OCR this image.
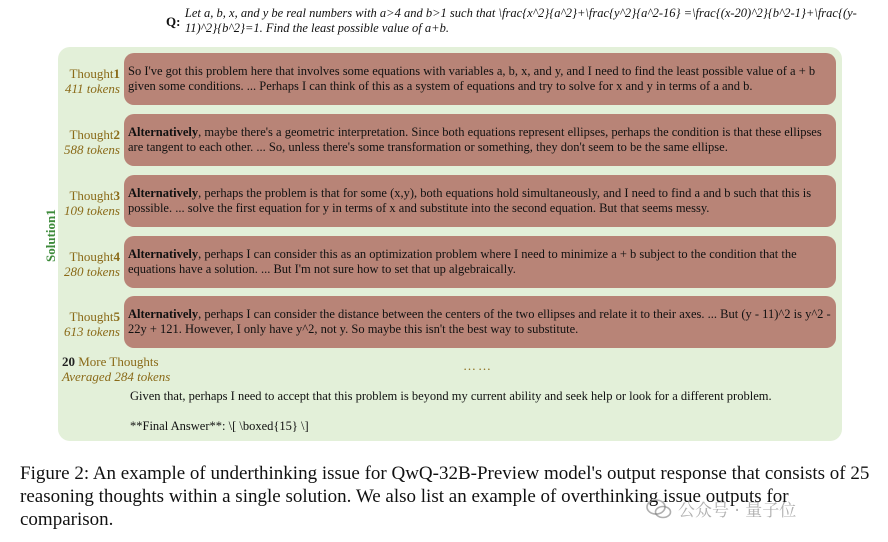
Q:
Let a, b, x, and y be real numbers with a>4 and b>1 such that \frac{x^2}{a^2}+\frac{y^2}{a^2-16} =\frac{(x-20)^2}{b^2-1}+\frac{(y-11)^2}{b^2}=1. Find the least possible value of a+b.
Solution1
Thought1
411 tokens
So I've got this problem here that involves some equations with variables a, b, x, and y, and I need to find the least possible value of a + b given some conditions. ... Perhaps I can think of this as a system of equations and try to solve for x and y in terms of a and b.
Thought2
588 tokens
Alternatively, maybe there's a geometric interpretation. Since both equations represent ellipses, perhaps the condition is that these ellipses are tangent to each other. ... So, unless there's some transformation or something, they don't seem to be the same ellipse.
Thought3
109 tokens
Alternatively, perhaps the problem is that for some (x,y), both equations hold simultaneously, and I need to find a and b such that this is possible. ... solve the first equation for y in terms of x and substitute into the second equation. But that seems messy.
Thought4
280 tokens
Alternatively, perhaps I can consider this as an optimization problem where I need to minimize a + b subject to the condition that the equations have a solution. ... But I'm not sure how to set that up algebraically.
Thought5
613 tokens
Alternatively, perhaps I can consider the distance between the centers of the two ellipses and relate it to their axes. ... But (y - 11)^2 is y^2 - 22y + 121. However, I only have y^2, not y. So maybe this isn't the best way to substitute.
20 More Thoughts
Averaged 284 tokens
……
Given that, perhaps I need to accept that this problem is beyond my current ability and seek help or look for a different problem.
**Final Answer**: \[ \boxed{15} \]
Figure 2: An example of underthinking issue for QwQ-32B-Preview model's output response that consists of 25 reasoning thoughts within a single solution. We also list an example of overthinking issue outputs for comparison.	公众号 · 量子位
